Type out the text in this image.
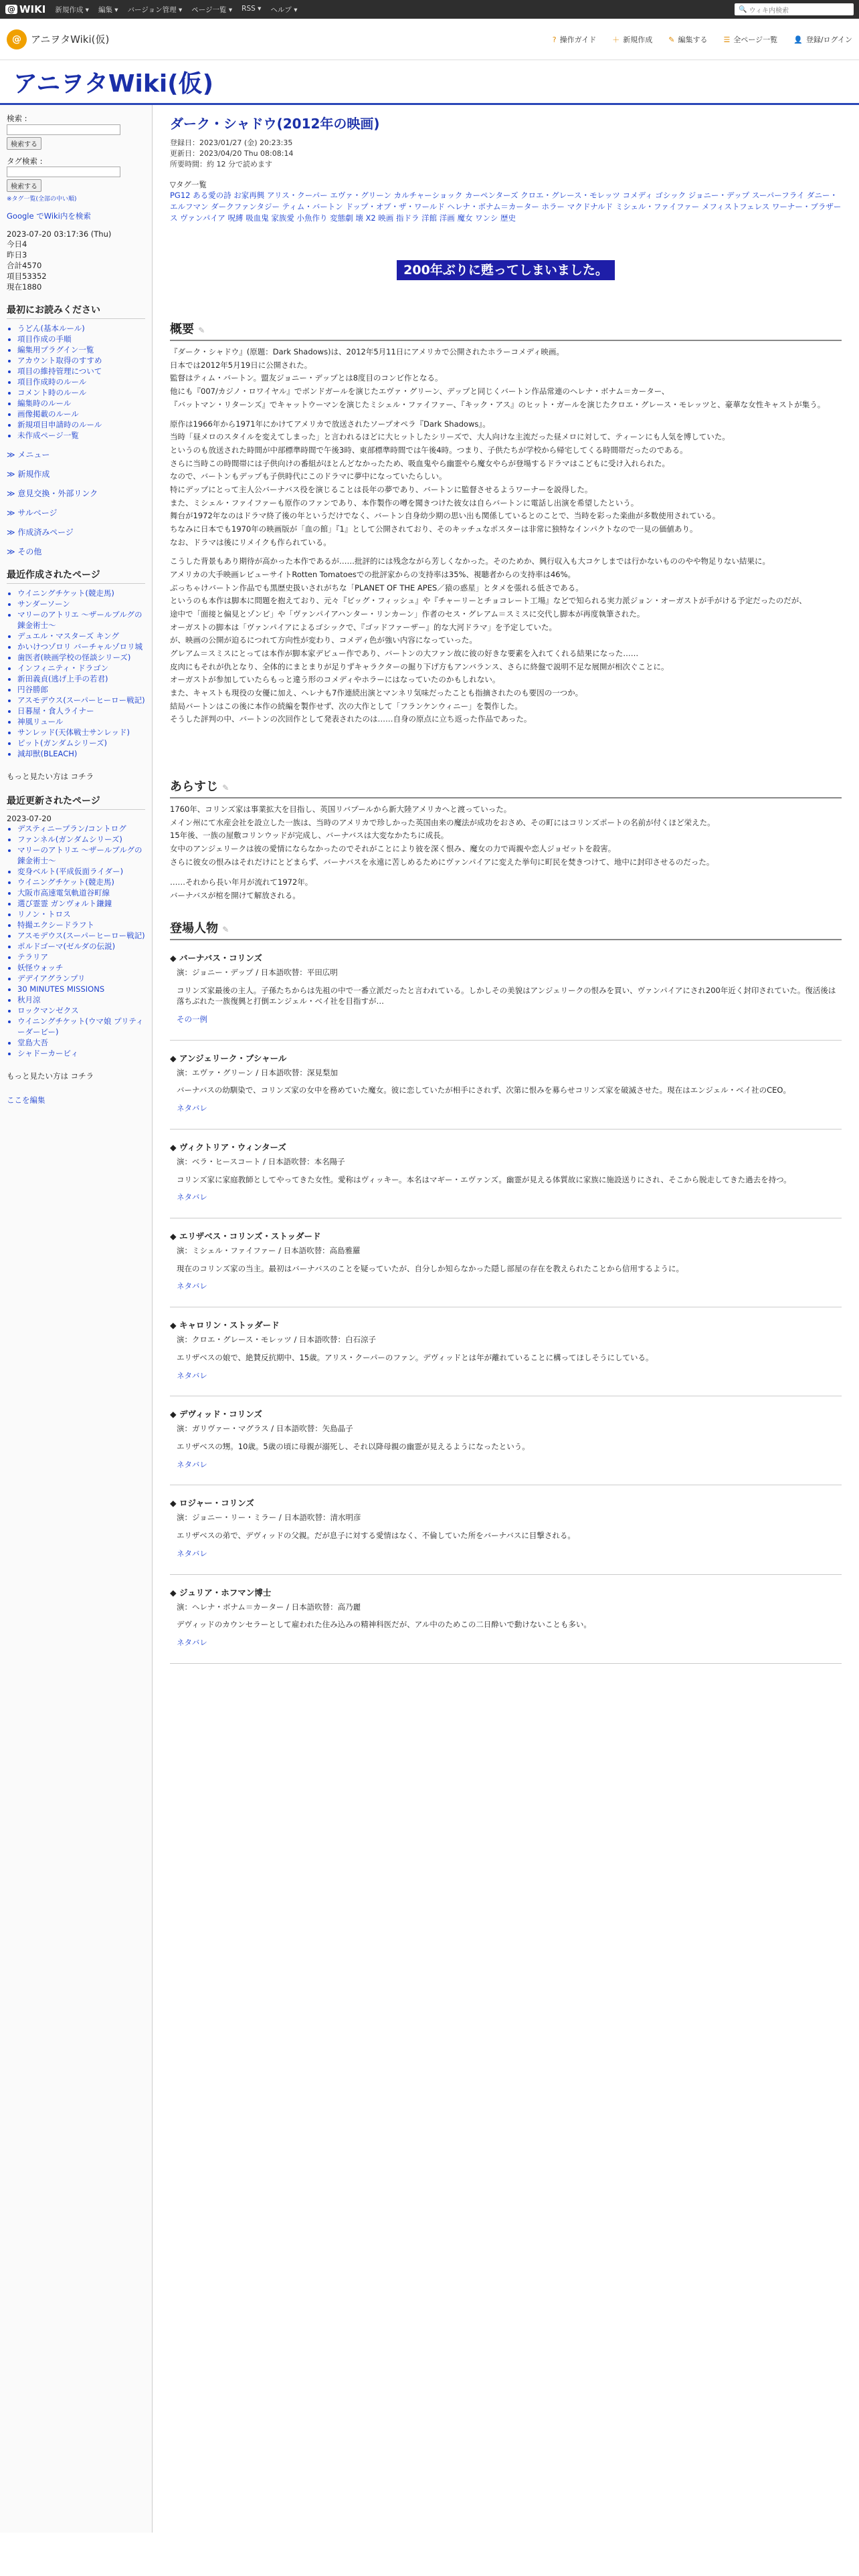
@ WIKI 新規作成 ▾ 編集 ▾ バージョン管理 ▾ ページ一覧 ▾ RSS ▾ ヘルプ ▾	🔍 ウィキ内検索
@ アニヲタWiki(仮)	? 操作ガイド ＋ 新規作成 ✎ 編集する ☰ 全ページ一覧 👤 登録/ログイン
アニヲタWiki(仮)
検索 :
検索する
タグ検索 :
検索する
※タグ一覧(全部の中い順)
Google でWiki内を検索
2023-07-20 03:17:36 (Thu)
今日4
昨日3
合計4570
項目53352
現在1880
最初にお読みください
• うどん(基本ルール)
• 項目作成の手順
• 編集用プラグイン一覧
• アカウント取得のすすめ
• 項目の維持管理について
• 項目作成時のルール
• コメント時のルール
• 編集時のルール
• 画像掲載のルール
• 新規項目申請時のルール
• 未作成ページ一覧
≫ メニュー
≫ 新規作成
≫ 意見交換・外部リンク
≫ サルベージ
≫ 作成済みページ
≫ その他
最近作成されたページ
• ウイニングチケット(競走馬)
• サンダーソーン
• マリーのアトリエ ～ザールブルグの錬金術士～
• デュエル・マスターズ キング
• かいけつゾロリ バーチャルゾロリ城
• 歯医者(映画学校の怪談シリーズ)
• インフィニティ・ドラゴン
• 新田義貞(逃げ上手の若君)
• 円谷勝郎
• アスモデウス(スーパーヒーロー戦記)
• 日暮屋・食人ライナー
• 神風リュール
• サンレッド(天体戦士サンレッド)
• ピット(ガンダムシリーズ)
• 減却獣(BLEACH)
もっと見たい方は コチラ
最近更新されたページ
2023-07-20
• デスティニープラン/コントログ
• ファンネル(ガンダムシリーズ)
• マリーのアトリエ ～ザールブルグの錬金術士～
• 変身ベルト(平成仮面ライダー)
• ウイニングチケット(競走馬)
• 大阪市高速電気軌道谷町線
• 選び霊霊 ガンヴォルト鎌鐘
• リノン・トロス
• 特撮エクシードラフト
• アスモデウス(スーパーヒーロー戦記)
• ポルドゴーマ(ゼルダの伝説)
• テラリア
• 妖怪ウォッチ
• デデイアグランプリ
• 30 MINUTES MISSIONS
• 秋月涼
• ロックマンゼクス
• ウイニングチケット(ウマ娘 プリティーダービー)
• 堂島大吾
• シャドーカービィ
もっと見たい方は コチラ
ここを編集
ダーク・シャドウ(2012年の映画)
登録日：2023/01/27 (金) 20:23:35
更新日：2023/04/20 Thu 08:08:14
所要時間：約 12 分で読めます
▽タグ一覧
PG12 ある愛の詩 お家再興 アリス・クーパー エヴァ・グリーン カルチャーショック カーペンターズ クロエ・グレース・モレッツ コメディ ゴシック ジョニー・デップ スーパーフライ ダニー・エルフマン ダークファンタジー ティム・バートン ドップ・オブ・ザ・ワールド ヘレナ・ボナム＝カーター ホラー マクドナルド ミシェル・ファイファー メフィストフェレス ワーナー・ブラザース ヴァンパイア 呪縛 吸血鬼 家族愛 小魚作り 変態劇 壊 X2 映画 指ドラ 洋館 洋画 魔女 ワンシ 歴史
200年ぶりに甦ってしまいました。
概要 ✎

『ダーク・シャドウ』(原題：Dark Shadows)は、2012年5月11日にアメリカで公開されたホラーコメディ映画。

日本では2012年5月19日に公開された。

監督はティム・バートン。盟友ジョニー・デップとは8度目のコンビ作となる。

他にも『007/カジノ・ロワイヤル』でボンドガールを演じたエヴァ・グリーン、デップと同じくバートン作品常連のヘレナ・ボナム＝カーター、

『バットマン・リターンズ』でキャットウーマンを演じたミシェル・ファイファー、『キック・アス』のヒット・ガールを演じたクロエ・グレース・モレッツと、豪華な女性キャストが集う。

原作は1966年から1971年にかけてアメリカで放送されたソープオペラ『Dark Shadows』。

当時「昼メロのスタイルを変えてしまった」と言われるほどに大ヒットしたシリーズで、大人向けな主流だった昼メロに対して、ティーンにも人気を博していた。

というのも放送された時間が中部標準時間で午後3時、東部標準時間では午後4時。つまり、子供たちが学校から帰宅してくる時間帯だったのである。

さらに当時この時間帯には子供向けの番組がほとんどなかったため、吸血鬼やら幽霊やら魔女やらが登場するドラマはこどもに受け入れられた。

なので、バートンもデップも子供時代にこのドラマに夢中になっていたらしい。

特にデップにとって主人公バーナバス役を演じることは長年の夢であり、バートンに監督させるようワーナーを説得した。

また、ミシェル・ファイファーも原作のファンであり、本作製作の噂を聞きつけた彼女は自らバートンに電話し出演を希望したという。

舞台が1972年なのはドラマ終了後の年というだけでなく、バートン自身幼少期の思い出も関係しているとのことで、当時を彩った楽曲が多数使用されている。

ちなみに日本でも1970年の映画版が「血の館」『1』として公開されており、そのキッチュなポスターは非常に独特なインパクトなので一見の価値あり。

なお、ドラマは後にリメイクも作られている。

こうした背景もあり期待が高かった本作であるが……批評的には残念ながら芳しくなかった。そのためか、興行収入も大コケしまでは行かないもののやや物足りない結果に。

アメリカの大手映画レビューサイトRotten Tomatoesでの批評家からの支持率は35%、視聴者からの支持率は46%。

ぶっちゃけバートン作品でも黒歴史扱いされがちな「PLANET OF THE APES／猿の惑星」とタメを張れる低さである。

というのも本作は脚本に問題を抱えており、元々『ビッグ・フィッシュ』や『チャーリーとチョコレート工場』などで知られる実力派ジョン・オーガストが手がける予定だったのだが、

途中で「面接と偏見とゾンビ」や「ヴァンパイアハンター・リンカーン」作者のセス・グレアム＝スミスに交代し脚本が再度執筆された。

オーガストの脚本は「ヴァンパイアによるゴシックで、『ゴッドファーザー』的な大河ドラマ」を予定していた。

が、映画の公開が迫るにつれて方向性が変わり、コメディ色が強い内容になっていった。

グレアム＝スミスにとっては本作が脚本家デビュー作であり、バートンの大ファン故に彼の好きな要素を入れてくれる結果になった……

皮肉にもそれが仇となり、全体的にまとまりが足りずキャラクターの掘り下げ方もアンバランス、さらに終盤で説明不足な展開が相次ぐことに。

オーガストが参加していたらもっと違う形のコメディやホラーにはなっていたのかもしれない。

また、キャストも現役の女優に加え、ヘレナも7作連続出演とマンネリ気味だったことも指摘されたのも要因の一つか。

結局バートンはこの後に本作の続編を製作せず、次の大作として「フランケンウィニー」を製作した。

そうした評判の中、バートンの次回作として発表されたのは……自身の原点に立ち返った作品であった。

あらすじ ✎

1760年、コリンズ家は事業拡大を目指し、英国リバプールから新大陸アメリカへと渡っていった。

メイン州にて水産会社を設立した一族は、当時のアメリカで珍しかった英国由来の魔法が成功をおさめ、その町にはコリンズポートの名前が付くほど栄えた。

15年後、一族の屋敷コリンウッドが完成し、バーナバスは大変なかたちに成長。

女中のアンジェリークは彼の愛情にならなかったのでそれがことにより彼を深く恨み、魔女の力で両親や恋人ジョゼットを殺害。

さらに彼女の恨みはそれだけにとどまらず、バーナバスを永遠に苦しめるためにヴァンパイアに変えた挙句に町民を焚きつけて、地中に封印させるのだった。

……それから長い年月が流れて1972年。

バーナバスが棺を開けて解放される。

登場人物 ✎
◆ バーナバス・コリンズ
演：ジョニー・デップ / 日本語吹替：平田広明
コリンズ家最後の主人。子孫たちからは先祖の中で一番立派だったと言われている。しかしその美貌はアンジェリークの恨みを買い、ヴァンパイアにされ200年近く封印されていた。復活後は落ちぶれた一族復興と打倒エンジェル・ベイ社を目指すが…
その一例
◆ アンジェリーク・ブシャール
演：エヴァ・グリーン / 日本語吹替：深見梨加
バーナバスの幼馴染で、コリンズ家の女中を務めていた魔女。彼に恋していたが相手にされず、次第に恨みを募らせコリンズ家を破滅させた。現在はエンジェル・ベイ社のCEO。
ネタバレ
◆ ヴィクトリア・ウィンターズ
演：ベラ・ヒースコート / 日本語吹替：本名陽子
コリンズ家に家庭教師としてやってきた女性。愛称はヴィッキー。本名はマギー・エヴァンズ。幽霊が見える体質故に家族に施設送りにされ、そこから脱走してきた過去を持つ。
ネタバレ
◆ エリザベス・コリンズ・ストッダード
演：ミシェル・ファイファー / 日本語吹替：高島雅羅
現在のコリンズ家の当主。最初はバーナバスのことを疑っていたが、自分しか知らなかった隠し部屋の存在を教えられたことから信用するように。
ネタバレ
◆ キャロリン・ストッダード
演：クロエ・グレース・モレッツ / 日本語吹替：白石涼子
エリザベスの娘で、絶賛反抗期中、15歳。アリス・クーパーのファン。デヴィッドとは年が離れていることに構ってほしそうにしている。
ネタバレ
◆ デヴィッド・コリンズ
演：ガリヴァー・マグラス / 日本語吹替：矢島晶子
エリザベスの甥。10歳。5歳の頃に母親が溺死し、それ以降母親の幽霊が見えるようになったという。
ネタバレ
◆ ロジャー・コリンズ
演：ジョニー・リー・ミラー / 日本語吹替：清水明彦
エリザベスの弟で、デヴィッドの父親。だが息子に対する愛情はなく、不倫していた所をバーナバスに目撃される。
ネタバレ
◆ ジュリア・ホフマン博士
演：ヘレナ・ボナム＝カーター / 日本語吹替：高乃麗
デヴィッドのカウンセラーとして雇われた住み込みの精神科医だが、アル中のためこの二日酔いで動けないことも多い。
ネタバレ
